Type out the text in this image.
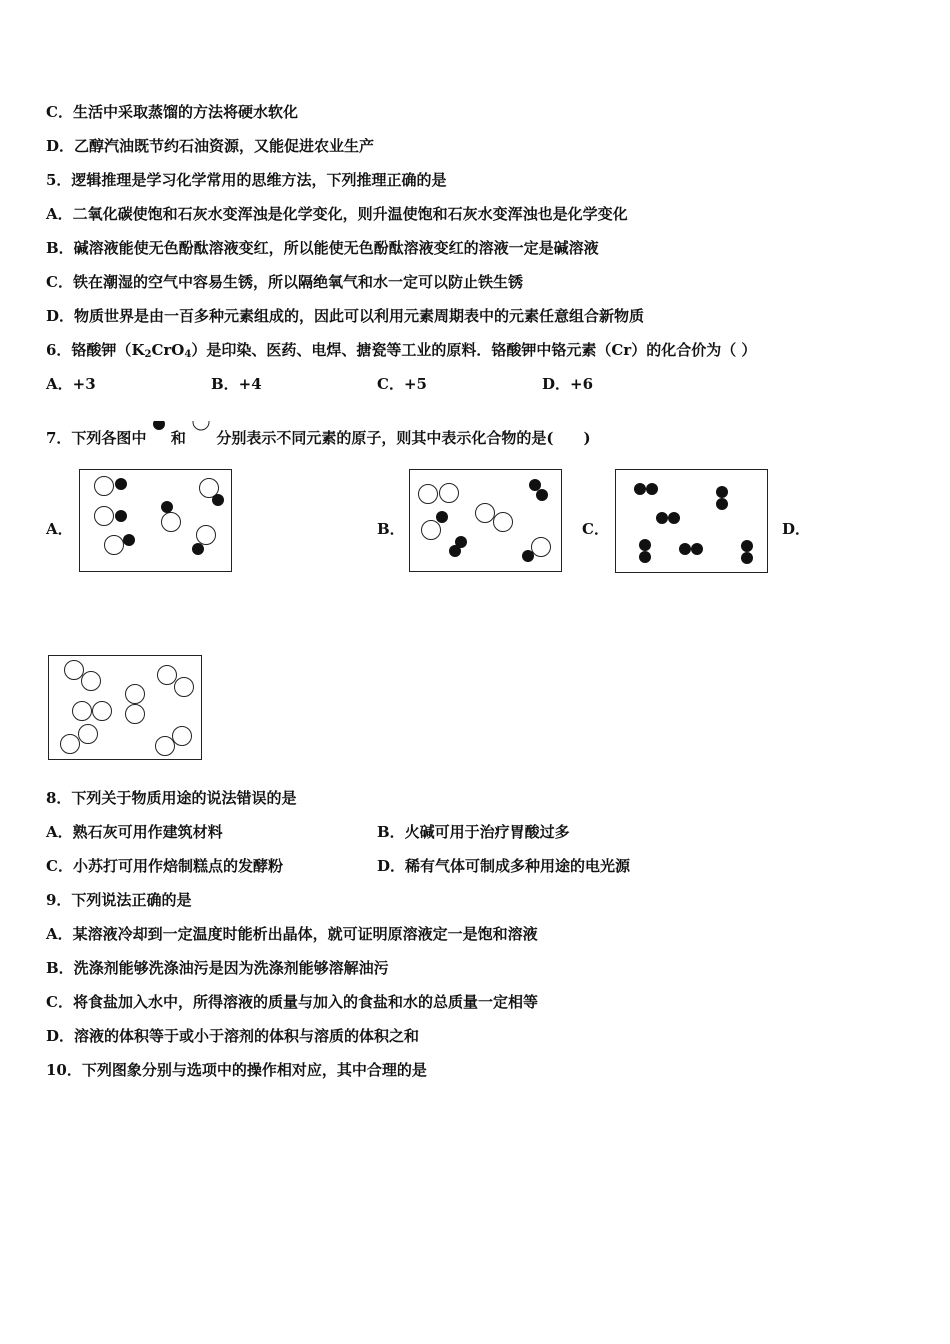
C．生活中采取蒸馏的方法将硬水软化
D．乙醇汽油既节约石油资源，又能促进农业生产
5．逻辑推理是学习化学常用的思维方法，下列推理正确的是
A．二氧化碳使饱和石灰水变浑浊是化学变化，则升温使饱和石灰水变浑浊也是化学变化
B．碱溶液能使无色酚酞溶液变红，所以能使无色酚酞溶液变红的溶液一定是碱溶液
C．铁在潮湿的空气中容易生锈，所以隔绝氧气和水一定可以防止铁生锈
D．物质世界是由一百多种元素组成的，因此可以利用元素周期表中的元素任意组合新物质
6．铬酸钾$(K_2CrO_4)$是印染、医药、电焊、搪瓷等工业的原料．铬酸钾中铬元素（Cr）的化合价为（ ）
A．+3	B．+4	C．+5	D．+6
7．下列各图中 和 分别表示不同元素的原子，则其中表示化合物的是(　　)
A．	B．	C．	D．
8．下列关于物质用途的说法错误的是
A．熟石灰可用作建筑材料	B．火碱可用于治疗胃酸过多
C．小苏打可用作焙制糕点的发酵粉	D．稀有气体可制成多种用途的电光源
9．下列说法正确的是
A．某溶液冷却到一定温度时能析出晶体，就可证明原溶液定一是饱和溶液
B．洗涤剂能够洗涤油污是因为洗涤剂能够溶解油污
C．将食盐加入水中，所得溶液的质量与加入的食盐和水的总质量一定相等
D．溶液的体积等于或小于溶剂的体积与溶质的体积之和
10．下列图象分别与选项中的操作相对应，其中合理的是
